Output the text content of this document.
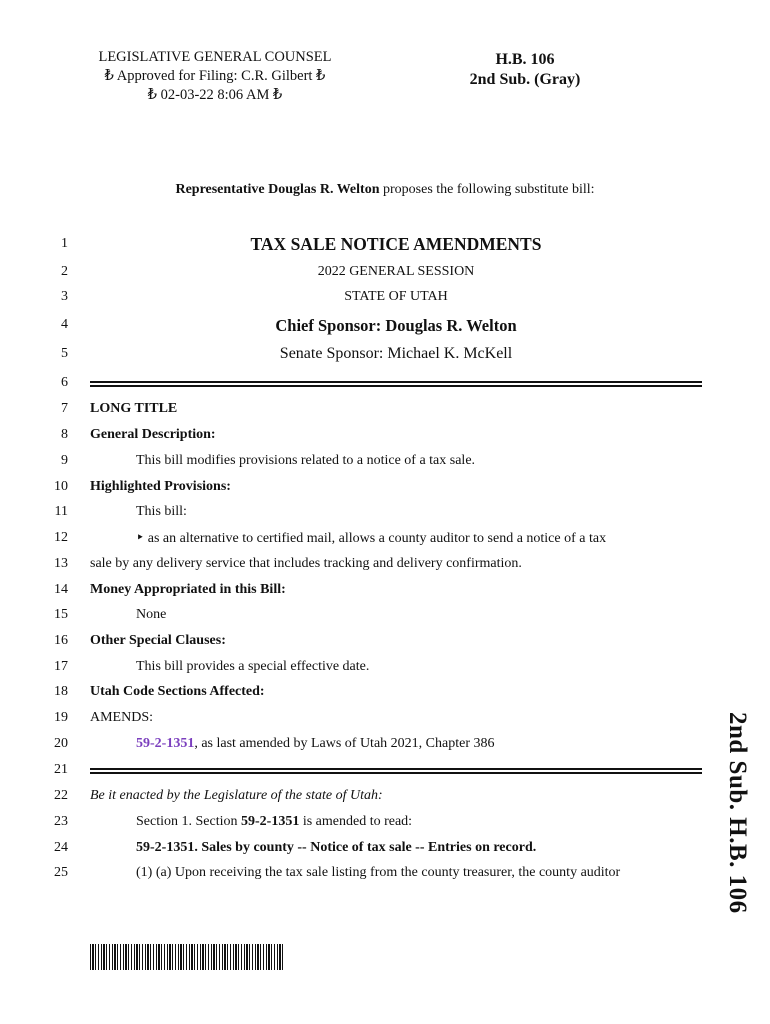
LEGISLATIVE GENERAL COUNSEL
₺ Approved for Filing: C.R. Gilbert ₺
₺ 02-03-22 8:06 AM ₺
H.B. 106
2nd Sub. (Gray)
Representative Douglas R. Welton proposes the following substitute bill:
1
2
3
4
5
6
7
8
9
10
11
12
13
14
15
16
17
18
19
20
21
22
23
24
25
TAX SALE NOTICE AMENDMENTS
2022 GENERAL SESSION
STATE OF UTAH
Chief Sponsor: Douglas R. Welton
Senate Sponsor: Michael K. McKell
LONG TITLE
General Description:
This bill modifies provisions related to a notice of a tax sale.
Highlighted Provisions:
This bill:
‣ as an alternative to certified mail, allows a county auditor to send a notice of a tax
sale by any delivery service that includes tracking and delivery confirmation.
Money Appropriated in this Bill:
None
Other Special Clauses:
This bill provides a special effective date.
Utah Code Sections Affected:
AMENDS:
59-2-1351, as last amended by Laws of Utah 2021, Chapter 386
Be it enacted by the Legislature of the state of Utah:
Section 1. Section 59-2-1351 is amended to read:
59-2-1351. Sales by county -- Notice of tax sale -- Entries on record.
(1) (a) Upon receiving the tax sale listing from the county treasurer, the county auditor	2nd Sub. H.B. 106
